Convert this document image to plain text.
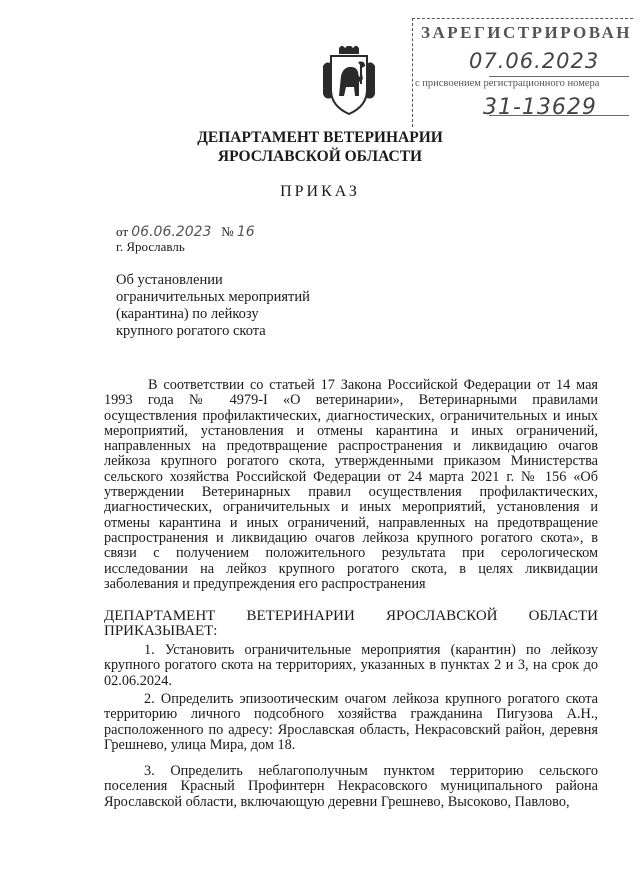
ЗАРЕГИСТРИРОВАН
07.06.2023
с присвоением регистрационного номера
31-13629
ДЕПАРТАМЕНТ ВЕТЕРИНАРИИ
ЯРОСЛАВСКОЙ ОБЛАСТИ
ПРИКАЗ
от 06.06.2023 № 16
г. Ярославль
Об установлении
ограничительных мероприятий
(карантина) по лейкозу
крупного рогатого скота
В соответствии со статьей 17 Закона Российской Федерации от 14 мая 1993 года № 4979-I «О ветеринарии», Ветеринарными правилами осуществления профилактических, диагностических, ограничительных и иных мероприятий, установления и отмены карантина и иных ограничений, направленных на предотвращение распространения и ликвидацию очагов лейкоза крупного рогатого скота, утвержденными приказом Министерства сельского хозяйства Российской Федерации от 24 марта 2021 г. № 156 «Об утверждении Ветеринарных правил осуществления профилактических, диагностических, ограничительных и иных мероприятий, установления и отмены карантина и иных ограничений, направленных на предотвращение распространения и ликвидацию очагов лейкоза крупного рогатого скота», в связи с получением положительного результата при серологическом исследовании на лейкоз крупного рогатого скота, в целях ликвидации заболевания и предупреждения его распространения
ДЕПАРТАМЕНТ ВЕТЕРИНАРИИ ЯРОСЛАВСКОЙ ОБЛАСТИ
ПРИКАЗЫВАЕТ:
1. Установить ограничительные мероприятия (карантин) по лейкозу крупного рогатого скота на территориях, указанных в пунктах 2 и 3, на срок до 02.06.2024.
2. Определить эпизоотическим очагом лейкоза крупного рогатого скота территорию личного подсобного хозяйства гражданина Пигузова А.Н., расположенного по адресу: Ярославская область, Некрасовский район, деревня Грешнево, улица Мира, дом 18.
3. Определить неблагополучным пунктом территорию сельского поселения Красный Профинтерн Некрасовского муниципального района Ярославской области, включающую деревни Грешнево, Высоково, Павлово,
